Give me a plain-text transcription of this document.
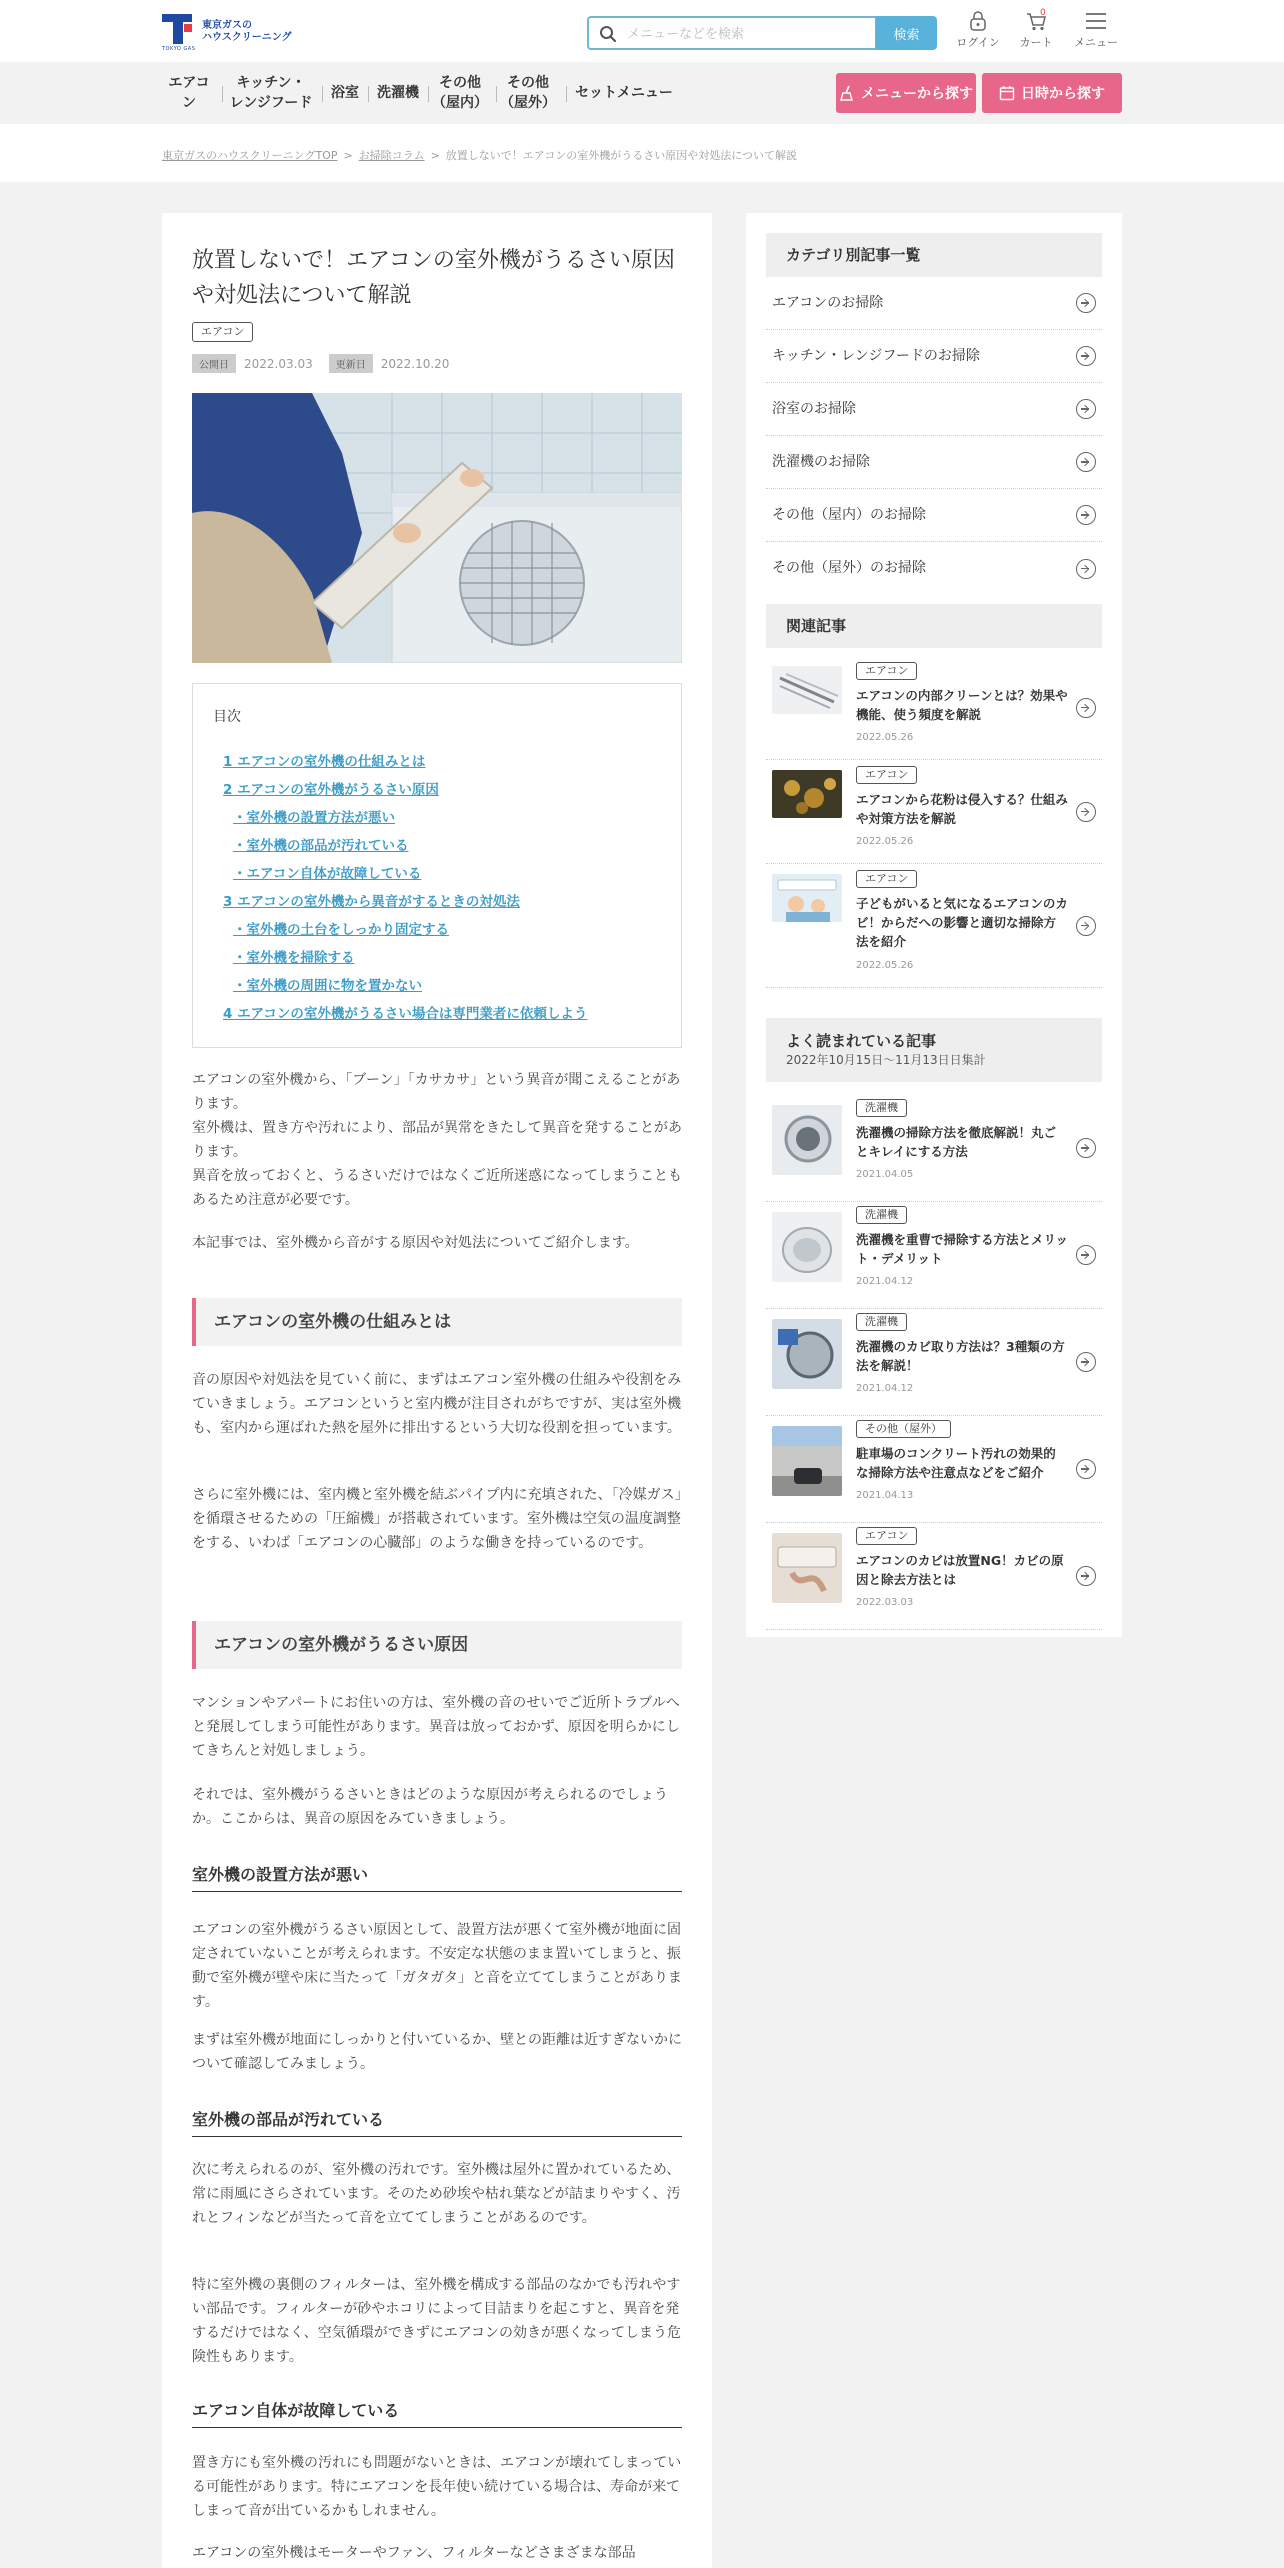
TOKYO GAS
東京ガスの
ハウスクリーニング
メニューなどを検索	検索	ログイン
0
カート	メニュー
エアコン
キッチン・
レンジフード
浴室 洗濯機
その他
（屋内）
その他
（屋外）
セットメニュー	メニューから探す	日時から探す
東京ガスのハウスクリーニングTOP > お掃除コラム > 放置しないで！エアコンの室外機がうるさい原因や対処法について解説
放置しないで！エアコンの室外機がうるさい原因や対処法について解説
エアコン
公開日	2022.03.03	更新日	2022.10.20
目次
1 エアコンの室外機の仕組みとは
2 エアコンの室外機がうるさい原因
・室外機の設置方法が悪い
・室外機の部品が汚れている
・エアコン自体が故障している
3 エアコンの室外機から異音がするときの対処法
・室外機の土台をしっかり固定する
・室外機を掃除する
・室外機の周囲に物を置かない
4 エアコンの室外機がうるさい場合は専門業者に依頼しよう
エアコンの室外機から、「ブーン」「カサカサ」という異音が聞こえることがあります。
室外機は、置き方や汚れにより、部品が異常をきたして異音を発することがあります。
異音を放っておくと、うるさいだけではなくご近所迷惑になってしまうこともあるため注意が必要です。
本記事では、室外機から音がする原因や対処法についてご紹介します。
エアコンの室外機の仕組みとは

音の原因や対処法を見ていく前に、まずはエアコン室外機の仕組みや役割をみていきましょう。エアコンというと室内機が注目されがちですが、実は室外機も、室内から運ばれた熱を屋外に排出するという大切な役割を担っています。

さらに室外機には、室内機と室外機を結ぶパイプ内に充填された、「冷媒ガス」を循環させるための「圧縮機」が搭載されています。室外機は空気の温度調整をする、いわば「エアコンの心臓部」のような働きを持っているのです。

エアコンの室外機がうるさい原因

マンションやアパートにお住いの方は、室外機の音のせいでご近所トラブルへと発展してしまう可能性があります。異音は放っておかず、原因を明らかにしてきちんと対処しましょう。

それでは、室外機がうるさいときはどのような原因が考えられるのでしょうか。ここからは、異音の原因をみていきましょう。

室外機の設置方法が悪い

エアコンの室外機がうるさい原因として、設置方法が悪くて室外機が地面に固定されていないことが考えられます。不安定な状態のまま置いてしまうと、振動で室外機が壁や床に当たって「ガタガタ」と音を立ててしまうことがあります。

まずは室外機が地面にしっかりと付いているか、壁との距離は近すぎないかについて確認してみましょう。

室外機の部品が汚れている

次に考えられるのが、室外機の汚れです。室外機は屋外に置かれているため、常に雨風にさらされています。そのため砂埃や枯れ葉などが詰まりやすく、汚れとフィンなどが当たって音を立ててしまうことがあるのです。

特に室外機の裏側のフィルターは、室外機を構成する部品のなかでも汚れやすい部品です。フィルターが砂やホコリによって目詰まりを起こすと、異音を発するだけではなく、空気循環ができずにエアコンの効きが悪くなってしまう危険性もあります。

エアコン自体が故障している

置き方にも室外機の汚れにも問題がないときは、エアコンが壊れてしまっている可能性があります。特にエアコンを長年使い続けている場合は、寿命が来てしまって音が出ているかもしれません。

エアコンの室外機はモーターやファン、フィルターなどさまざまな部品

カテゴリ別記事一覧
エアコンのお掃除
キッチン・レンジフードのお掃除
浴室のお掃除
洗濯機のお掃除
その他（屋内）のお掃除
その他（屋外）のお掃除
関連記事
エアコン
エアコンの内部クリーンとは？効果や機能、使う頻度を解説
2022.05.26
エアコン
エアコンから花粉は侵入する？仕組みや対策方法を解説
2022.05.26
エアコン
子どもがいると気になるエアコンのカビ！からだへの影響と適切な掃除方法を紹介
2022.05.26
よく読まれている記事
2022年10月15日～11月13日日集計
洗濯機
洗濯機の掃除方法を徹底解説！丸ごとキレイにする方法
2021.04.05
洗濯機
洗濯機を重曹で掃除する方法とメリット・デメリット
2021.04.12
洗濯機
洗濯機のカビ取り方法は？3種類の方法を解説！
2021.04.12
その他（屋外）
駐車場のコンクリート汚れの効果的な掃除方法や注意点などをご紹介
2021.04.13
エアコン
エアコンのカビは放置NG！カビの原因と除去方法とは
2022.03.03
